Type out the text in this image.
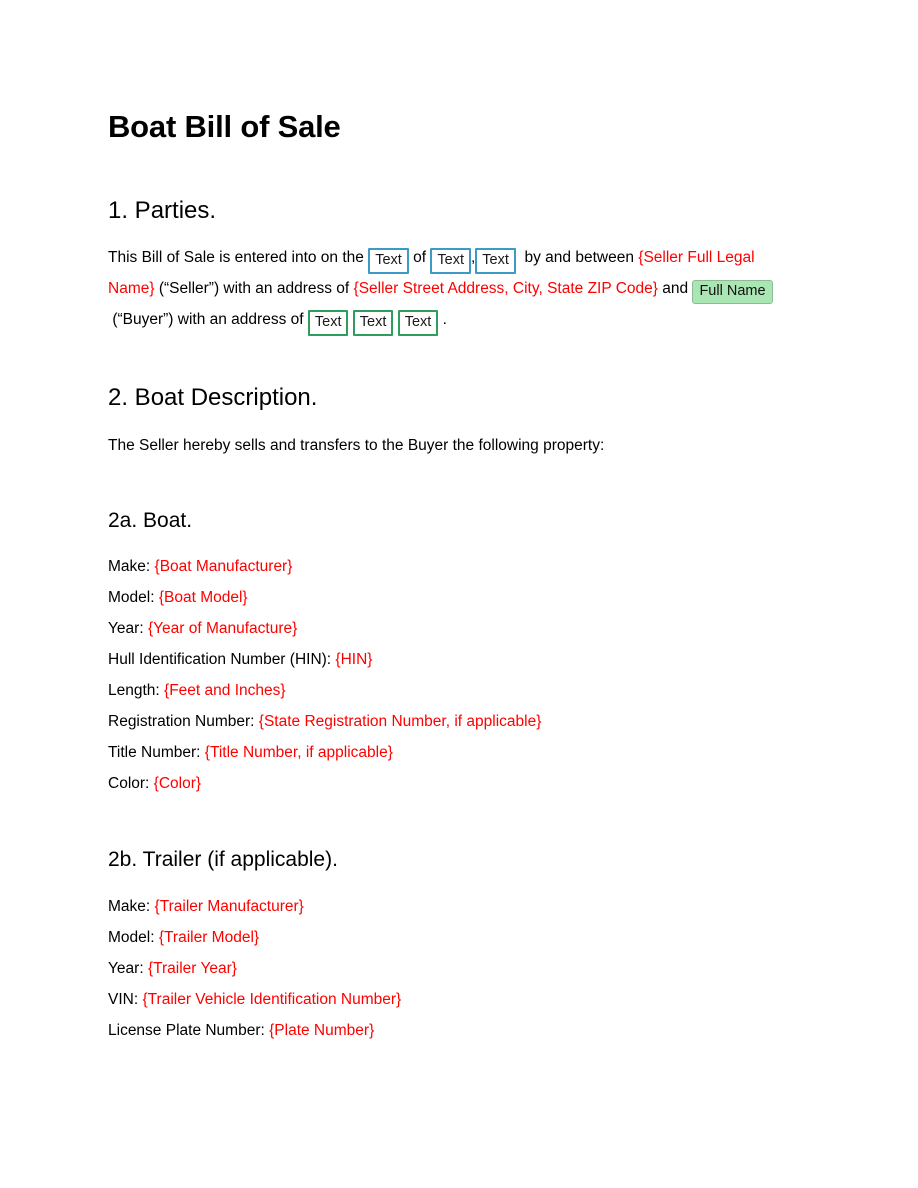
Boat Bill of Sale
1. Parties.

This Bill of Sale is entered into on the Text of Text , Text by and between {Seller Full Legal Name} (“Seller”) with an address of {Seller Street Address, City, State ZIP Code} and Full Name (“Buyer”) with an address of Text Text Text .

2. Boat Description.

The Seller hereby sells and transfers to the Buyer the following property:

2a. Boat.
Make: {Boat Manufacturer}
Model: {Boat Model}
Year: {Year of Manufacture}
Hull Identification Number (HIN): {HIN}
Length: {Feet and Inches}
Registration Number: {State Registration Number, if applicable}
Title Number: {Title Number, if applicable}
Color: {Color}
2b. Trailer (if applicable).
Make: {Trailer Manufacturer}
Model: {Trailer Model}
Year: {Trailer Year}
VIN: {Trailer Vehicle Identification Number}
License Plate Number: {Plate Number}
